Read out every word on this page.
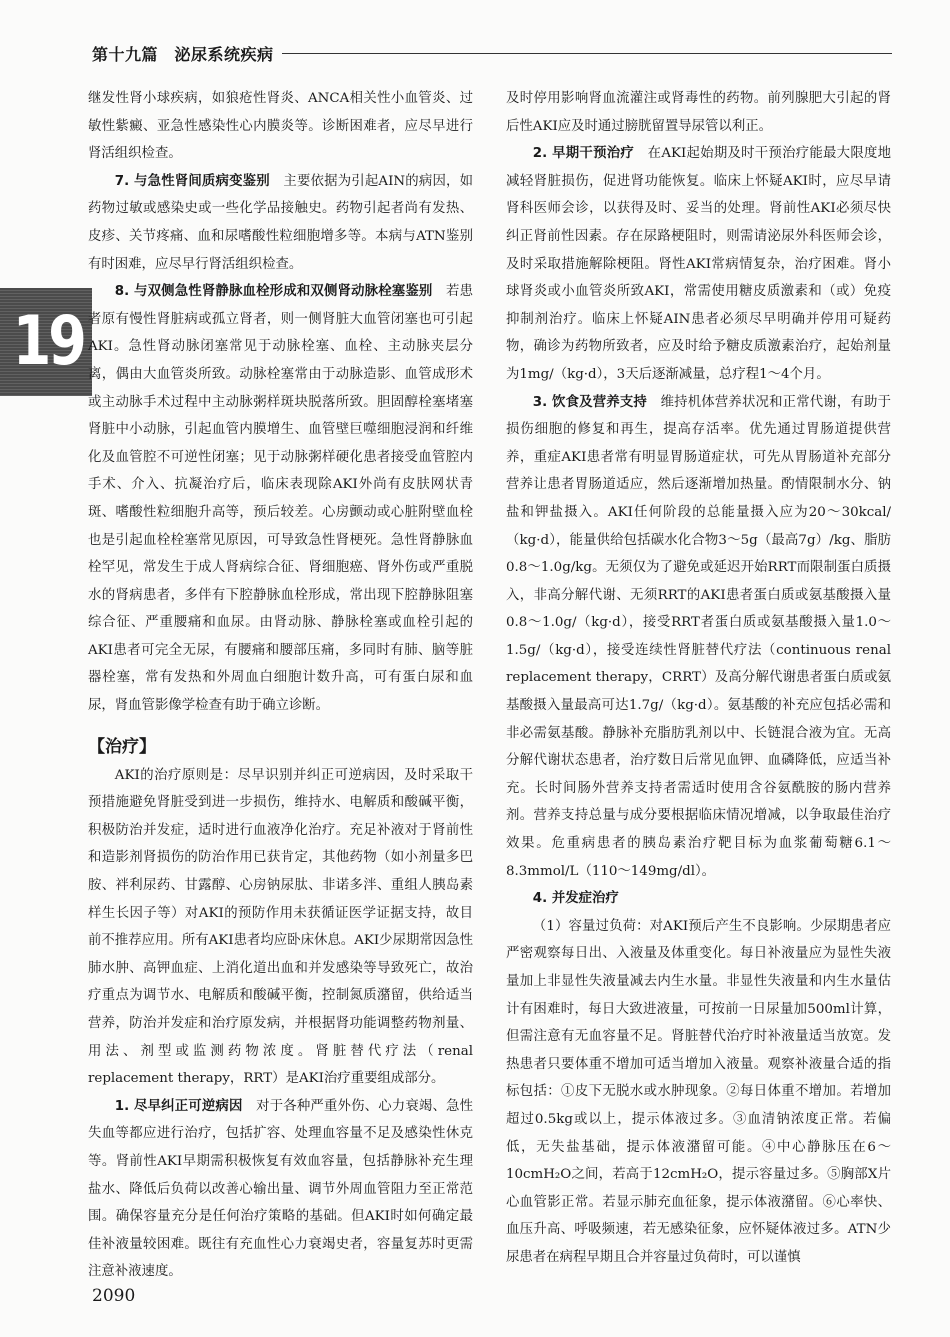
第十九篇　泌尿系统疾病
19

继发性肾小球疾病，如狼疮性肾炎、ANCA相关性小血管炎、过敏性紫癜、亚急性感染性心内膜炎等。诊断困难者，应尽早进行肾活组织检查。

7. 与急性肾间质病变鉴别　 主要依据为引起AIN的病因，如药物过敏或感染史或一些化学品接触史。药物引起者尚有发热、皮疹、关节疼痛、血和尿嗜酸性粒细胞增多等。本病与ATN鉴别有时困难，应尽早行肾活组织检查。

8. 与双侧急性肾静脉血栓形成和双侧肾动脉栓塞鉴别　 若患者原有慢性肾脏病或孤立肾者，则一侧肾脏大血管闭塞也可引起AKI。急性肾动脉闭塞常见于动脉栓塞、血栓、主动脉夹层分离，偶由大血管炎所致。动脉栓塞常由于动脉造影、血管成形术或主动脉手术过程中主动脉粥样斑块脱落所致。胆固醇栓塞堵塞肾脏中小动脉，引起血管内膜增生、血管壁巨噬细胞浸润和纤维化及血管腔不可逆性闭塞；见于动脉粥样硬化患者接受血管腔内手术、介入、抗凝治疗后，临床表现除AKI外尚有皮肤网状青斑、嗜酸性粒细胞升高等，预后较差。心房颤动或心脏附壁血栓也是引起血栓栓塞常见原因，可导致急性肾梗死。急性肾静脉血栓罕见，常发生于成人肾病综合征、肾细胞癌、肾外伤或严重脱水的肾病患者，多伴有下腔静脉血栓形成，常出现下腔静脉阻塞综合征、严重腰痛和血尿。由肾动脉、静脉栓塞或血栓引起的AKI患者可完全无尿，有腰痛和腰部压痛，多同时有肺、脑等脏器栓塞，常有发热和外周血白细胞计数升高，可有蛋白尿和血尿，肾血管影像学检查有助于确立诊断。

【治疗】

AKI的治疗原则是：尽早识别并纠正可逆病因，及时采取干预措施避免肾脏受到进一步损伤，维持水、电解质和酸碱平衡，积极防治并发症，适时进行血液净化治疗。充足补液对于肾前性和造影剂肾损伤的防治作用已获肯定，其他药物（如小剂量多巴胺、袢利尿药、甘露醇、心房钠尿肽、非诺多泮、重组人胰岛素样生长因子等）对AKI的预防作用未获循证医学证据支持，故目前不推荐应用。所有AKI患者均应卧床休息。AKI少尿期常因急性肺水肿、高钾血症、上消化道出血和并发感染等导致死亡，故治疗重点为调节水、电解质和酸碱平衡，控制氮质潴留，供给适当营养，防治并发症和治疗原发病，并根据肾功能调整药物剂量、用法、剂型或监测药物浓度。肾脏替代疗法（renal replacement therapy，RRT）是AKI治疗重要组成部分。

1. 尽早纠正可逆病因　 对于各种严重外伤、心力衰竭、急性失血等都应进行治疗，包括扩容、处理血容量不足及感染性休克等。肾前性AKI早期需积极恢复有效血容量，包括静脉补充生理盐水、降低后负荷以改善心输出量、调节外周血管阻力至正常范围。确保容量充分是任何治疗策略的基础。但AKI时如何确定最佳补液量较困难。既往有充血性心力衰竭史者，容量复苏时更需注意补液速度。

及时停用影响肾血流灌注或肾毒性的药物。前列腺肥大引起的肾后性AKI应及时通过膀胱留置导尿管以利正。

2. 早期干预治疗　 在AKI起始期及时干预治疗能最大限度地减轻肾脏损伤，促进肾功能恢复。临床上怀疑AKI时，应尽早请肾科医师会诊，以获得及时、妥当的处理。肾前性AKI必须尽快纠正肾前性因素。存在尿路梗阻时，则需请泌尿外科医师会诊，及时采取措施解除梗阻。肾性AKI常病情复杂，治疗困难。肾小球肾炎或小血管炎所致AKI，常需使用糖皮质激素和（或）免疫抑制剂治疗。临床上怀疑AIN患者必须尽早明确并停用可疑药物，确诊为药物所致者，应及时给予糖皮质激素治疗，起始剂量为1mg/（kg·d），3天后逐渐减量，总疗程1～4个月。

3. 饮食及营养支持　 维持机体营养状况和正常代谢，有助于损伤细胞的修复和再生，提高存活率。优先通过胃肠道提供营养，重症AKI患者常有明显胃肠道症状，可先从胃肠道补充部分营养让患者胃肠道适应，然后逐渐增加热量。酌情限制水分、钠盐和钾盐摄入。AKI任何阶段的总能量摄入应为20～30kcal/（kg·d），能量供给包括碳水化合物3～5g（最高7g）/kg、脂肪0.8～1.0g/kg。无须仅为了避免或延迟开始RRT而限制蛋白质摄入，非高分解代谢、无须RRT的AKI患者蛋白质或氨基酸摄入量0.8～1.0g/（kg·d），接受RRT者蛋白质或氨基酸摄入量1.0～1.5g/（kg·d），接受连续性肾脏替代疗法（continuous renal replacement therapy，CRRT）及高分解代谢患者蛋白质或氨基酸摄入量最高可达1.7g/（kg·d）。氨基酸的补充应包括必需和非必需氨基酸。静脉补充脂肪乳剂以中、长链混合液为宜。无高分解代谢状态患者，治疗数日后常见血钾、血磷降低，应适当补充。长时间肠外营养支持者需适时使用含谷氨酰胺的肠内营养剂。营养支持总量与成分要根据临床情况增减，以争取最佳治疗效果。危重病患者的胰岛素治疗靶目标为血浆葡萄糖6.1～8.3mmol/L（110～149mg/dl）。

4. 并发症治疗

（1）容量过负荷：对AKI预后产生不良影响。少尿期患者应严密观察每日出、入液量及体重变化。每日补液量应为显性失液量加上非显性失液量减去内生水量。非显性失液量和内生水量估计有困难时，每日大致进液量，可按前一日尿量加500ml计算，但需注意有无血容量不足。肾脏替代治疗时补液量适当放宽。发热患者只要体重不增加可适当增加入液量。观察补液量合适的指标包括：①皮下无脱水或水肿现象。②每日体重不增加。若增加超过0.5kg或以上，提示体液过多。③血清钠浓度正常。若偏低，无失盐基础，提示体液潴留可能。④中心静脉压在6～10cmH₂O之间，若高于12cmH₂O，提示容量过多。⑤胸部X片心血管影正常。若显示肺充血征象，提示体液潴留。⑥心率快、血压升高、呼吸频速，若无感染征象，应怀疑体液过多。ATN少尿患者在病程早期且合并容量过负荷时，可以谨慎

2090
